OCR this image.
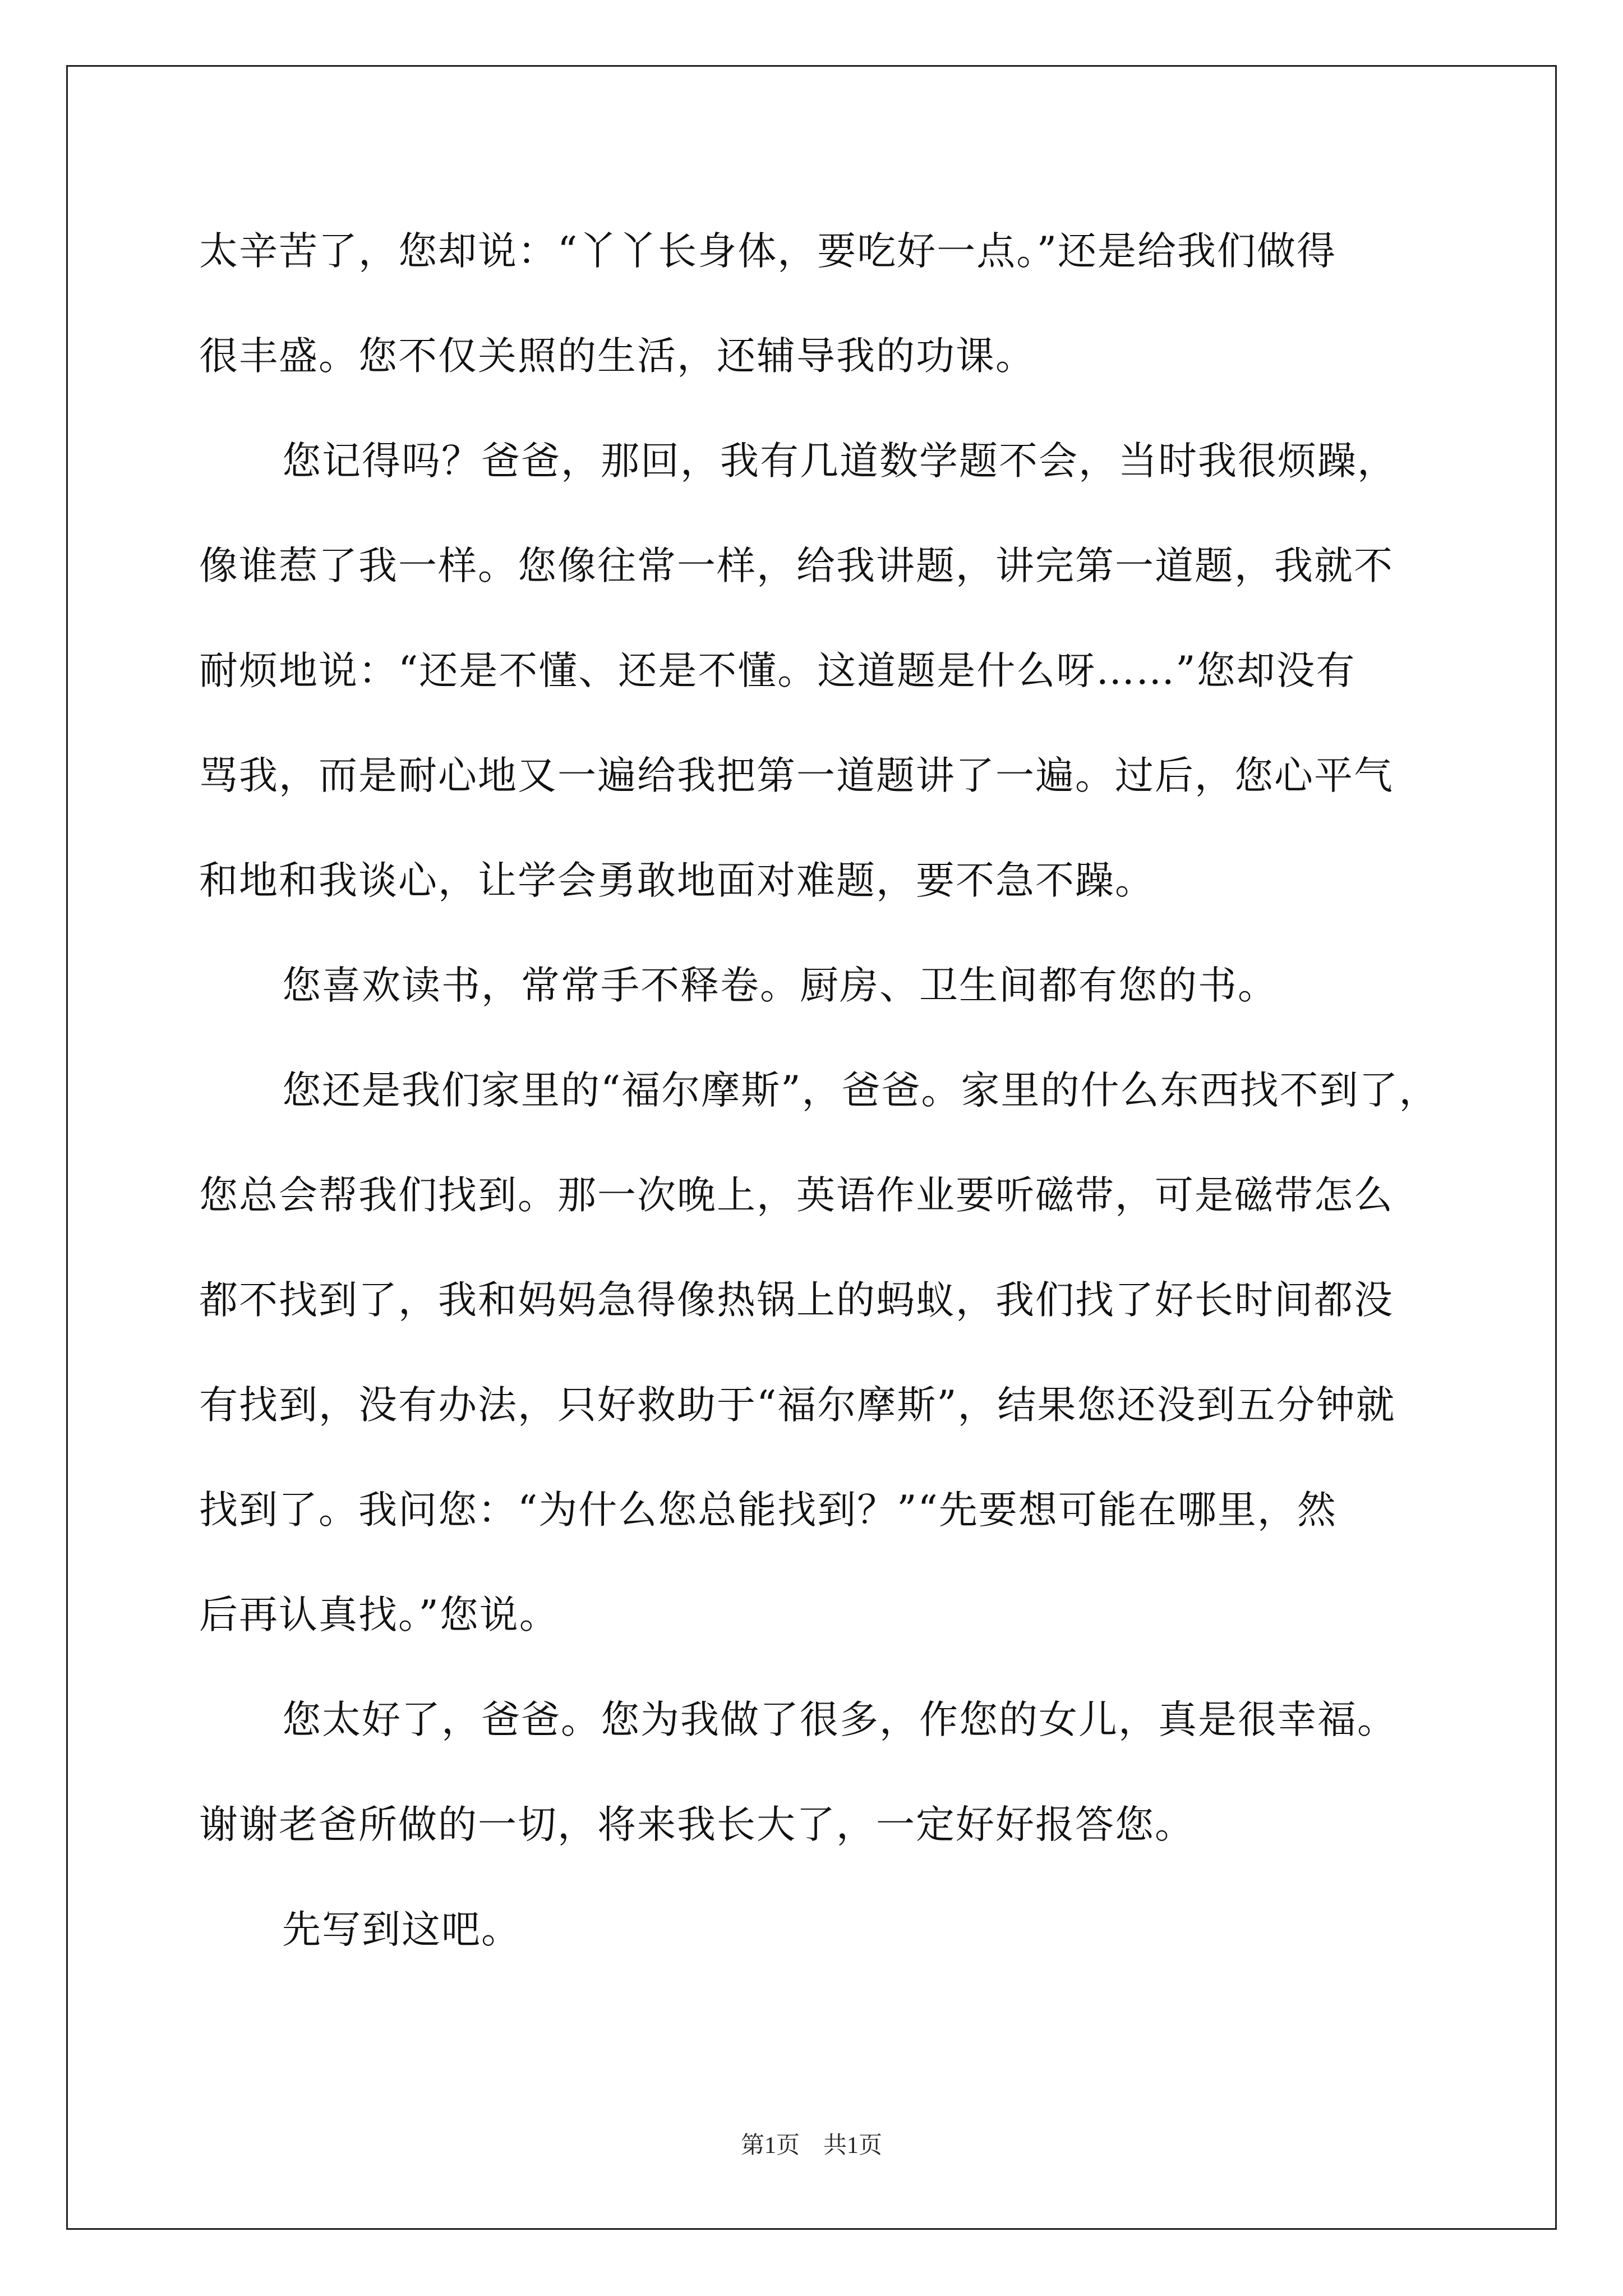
太辛苦了，您却说：“丫丫长身体，要吃好一点。”还是给我们做得
很丰盛。您不仅关照的生活，还辅导我的功课。
您记得吗？爸爸，那回，我有几道数学题不会，当时我很烦躁，
像谁惹了我一样。您像往常一样，给我讲题，讲完第一道题，我就不
耐烦地说：“还是不懂、还是不懂。这道题是什么呀……”您却没有
骂我，而是耐心地又一遍给我把第一道题讲了一遍。过后，您心平气
和地和我谈心，让学会勇敢地面对难题，要不急不躁。
您喜欢读书，常常手不释卷。厨房、卫生间都有您的书。
您还是我们家里的“福尔摩斯”，爸爸。家里的什么东西找不到了，
您总会帮我们找到。那一次晚上，英语作业要听磁带，可是磁带怎么
都不找到了，我和妈妈急得像热锅上的蚂蚁，我们找了好长时间都没
有找到，没有办法，只好救助于“福尔摩斯”，结果您还没到五分钟就
找到了。我问您：“为什么您总能找到？”“先要想可能在哪里，然
后再认真找。”您说。
您太好了，爸爸。您为我做了很多，作您的女儿，真是很幸福。
谢谢老爸所做的一切，将来我长大了，一定好好报答您。
先写到这吧。
第1页　共1页
